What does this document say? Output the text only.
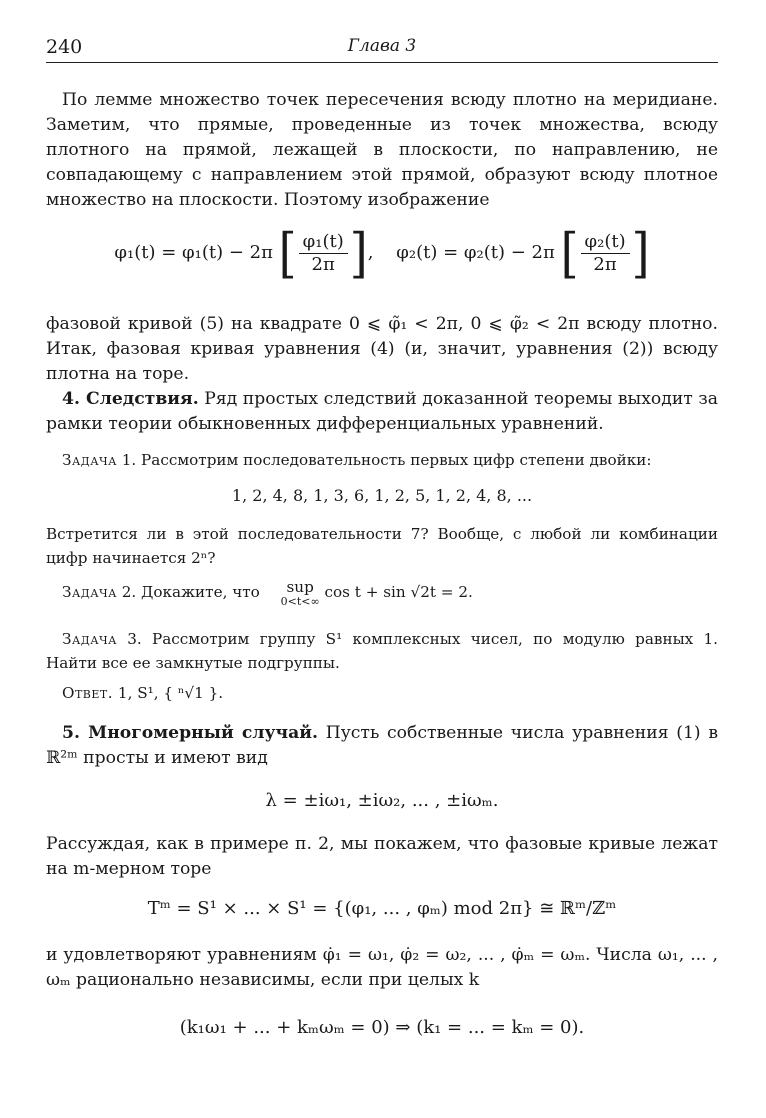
240	Глава 3
По лемме множество точек пересечения всюду плотно на меридиане. Заметим, что прямые, проведенные из точек множества, всюду плотного на прямой, лежащей в плоскости, по направлению, не совпадающему с направлением этой прямой, образуют всюду плотное множество на плоскости. Поэтому изображение
φ₁(t) = φ₁(t) − 2π [ $\frac{\text{φ₁(t)}}{2\pi}$ ],    φ₂(t) = φ₂(t) − 2π [ $\frac{\text{φ₂(t)}}{2\pi}$ ]
фазовой кривой (5) на квадрате 0 ⩽ φ̃₁ < 2π, 0 ⩽ φ̃₂ < 2π всюду плотно. Итак, фазовая кривая уравнения (4) (и, значит, уравнения (2)) всюду плотна на торе.
4. Следствия. Ряд простых следствий доказанной теоремы выходит за рамки теории обыкновенных дифференциальных уравнений.
Задача 1. Рассмотрим последовательность первых цифр степени двойки:
1, 2, 4, 8, 1, 3, 6, 1, 2, 5, 1, 2, 4, 8, ...
Встретится ли в этой последовательности 7? Вообще, с любой ли комбинации цифр начинается 2ⁿ?
Задача 2. Докажите, что	sup
0<t<∞
cos t + sin √2t = 2.
Задача 3. Рассмотрим группу S¹ комплексных чисел, по модулю равных 1. Найти все ее замкнутые подгруппы.
Ответ. 1, S¹, { ⁿ√1 }.
5. Многомерный случай. Пусть собственные числа уравнения (1) в ℝ²ᵐ просты и имеют вид
λ = ±iω₁, ±iω₂, ... , ±iωₘ.
Рассуждая, как в примере п. 2, мы покажем, что фазовые кривые лежат на m-мерном торе
Tᵐ = S¹ × ... × S¹ = {(φ₁, ... , φₘ) mod 2π} ≅ ℝᵐ/ℤᵐ
и удовлетворяют уравнениям φ̇₁ = ω₁, φ̇₂ = ω₂, ... , φ̇ₘ = ωₘ. Числа ω₁, ... , ωₘ рационально независимы, если при целых k
(k₁ω₁ + ... + kₘωₘ = 0) ⇒ (k₁ = ... = kₘ = 0).
